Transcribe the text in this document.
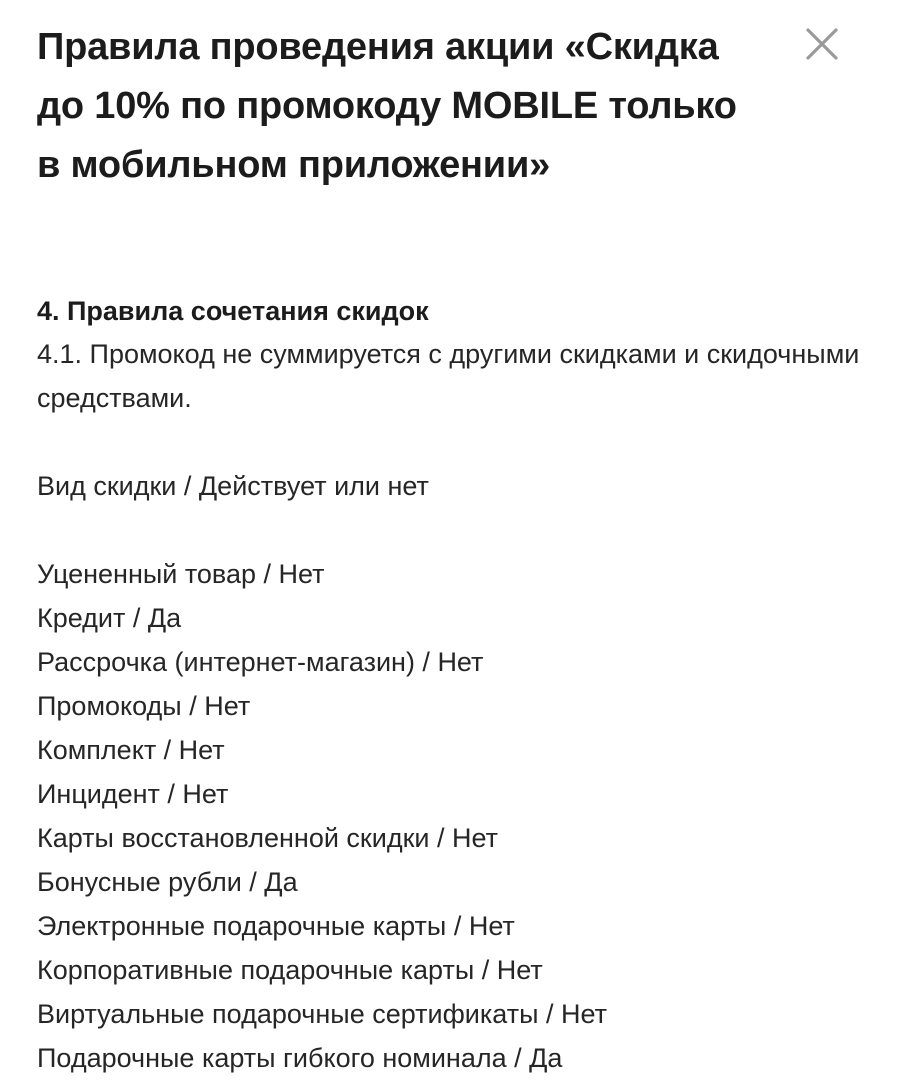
Правила проведения акции «Скидка до 10% по промокоду MOBILE только в мобильном приложении»
4. Правила сочетания скидок

4.1. Промокод не суммируется с другими скидками и скидочными средствами.

Вид скидки / Действует или нет
Уцененный товар / Нет
Кредит / Да
Рассрочка (интернет-магазин) / Нет
Промокоды / Нет
Комплект / Нет
Инцидент / Нет
Карты восстановленной скидки / Нет
Бонусные рубли / Да
Электронные подарочные карты / Нет
Корпоративные подарочные карты / Нет
Виртуальные подарочные сертификаты / Нет
Подарочные карты гибкого номинала / Да
